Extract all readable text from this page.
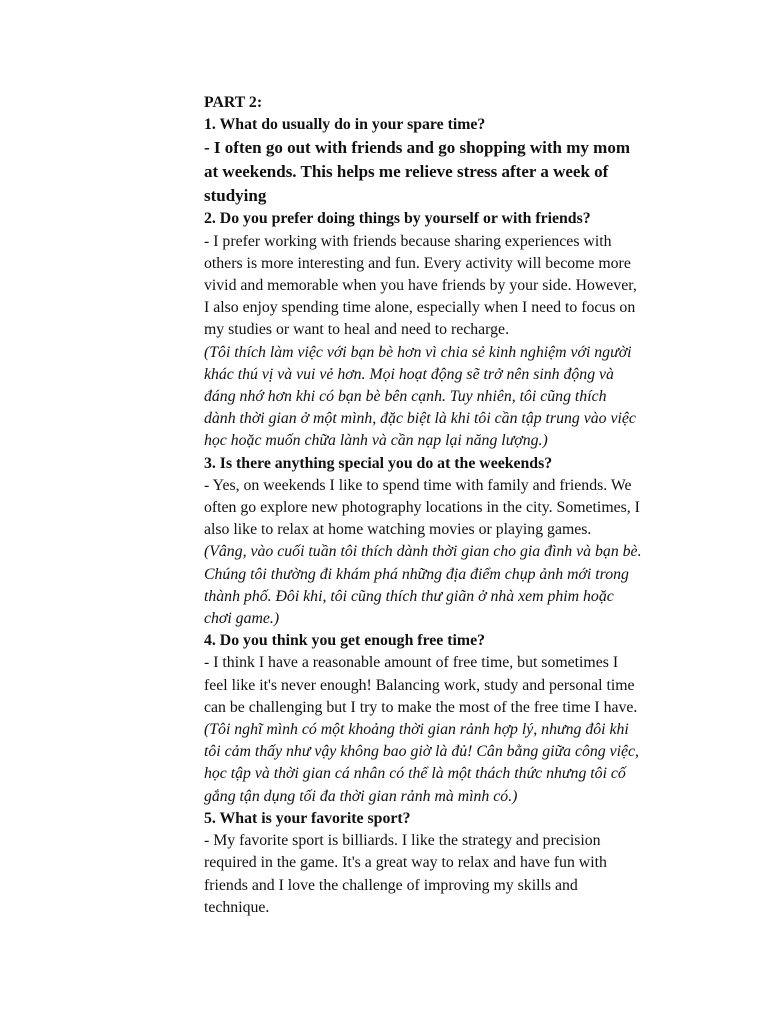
PART 2:
1. What do usually do in your spare time?
- I often go out with friends and go shopping with my mom
at weekends. This helps me relieve stress after a week of
studying
2. Do you prefer doing things by yourself or with friends?
- I prefer working with friends because sharing experiences with
others is more interesting and fun. Every activity will become more
vivid and memorable when you have friends by your side. However,
I also enjoy spending time alone, especially when I need to focus on
my studies or want to heal and need to recharge.
(Tôi thích làm việc với bạn bè hơn vì chia sẻ kinh nghiệm với người
khác thú vị và vui vẻ hơn. Mọi hoạt động sẽ trở nên sinh động và
đáng nhớ hơn khi có bạn bè bên cạnh. Tuy nhiên, tôi cũng thích
dành thời gian ở một mình, đặc biệt là khi tôi cần tập trung vào việc
học hoặc muốn chữa lành và cần nạp lại năng lượng.)
3. Is there anything special you do at the weekends?
- Yes, on weekends I like to spend time with family and friends. We
often go explore new photography locations in the city. Sometimes, I
also like to relax at home watching movies or playing games.
(Vâng, vào cuối tuần tôi thích dành thời gian cho gia đình và bạn bè.
Chúng tôi thường đi khám phá những địa điểm chụp ảnh mới trong
thành phố. Đôi khi, tôi cũng thích thư giãn ở nhà xem phim hoặc
chơi game.)
4. Do you think you get enough free time?
- I think I have a reasonable amount of free time, but sometimes I
feel like it's never enough! Balancing work, study and personal time
can be challenging but I try to make the most of the free time I have.
(Tôi nghĩ mình có một khoảng thời gian rảnh hợp lý, nhưng đôi khi
tôi cảm thấy như vậy không bao giờ là đủ! Cân bằng giữa công việc,
học tập và thời gian cá nhân có thể là một thách thức nhưng tôi cố
gắng tận dụng tối đa thời gian rảnh mà mình có.)
5. What is your favorite sport?
- My favorite sport is billiards. I like the strategy and precision
required in the game. It's a great way to relax and have fun with
friends and I love the challenge of improving my skills and
technique.
